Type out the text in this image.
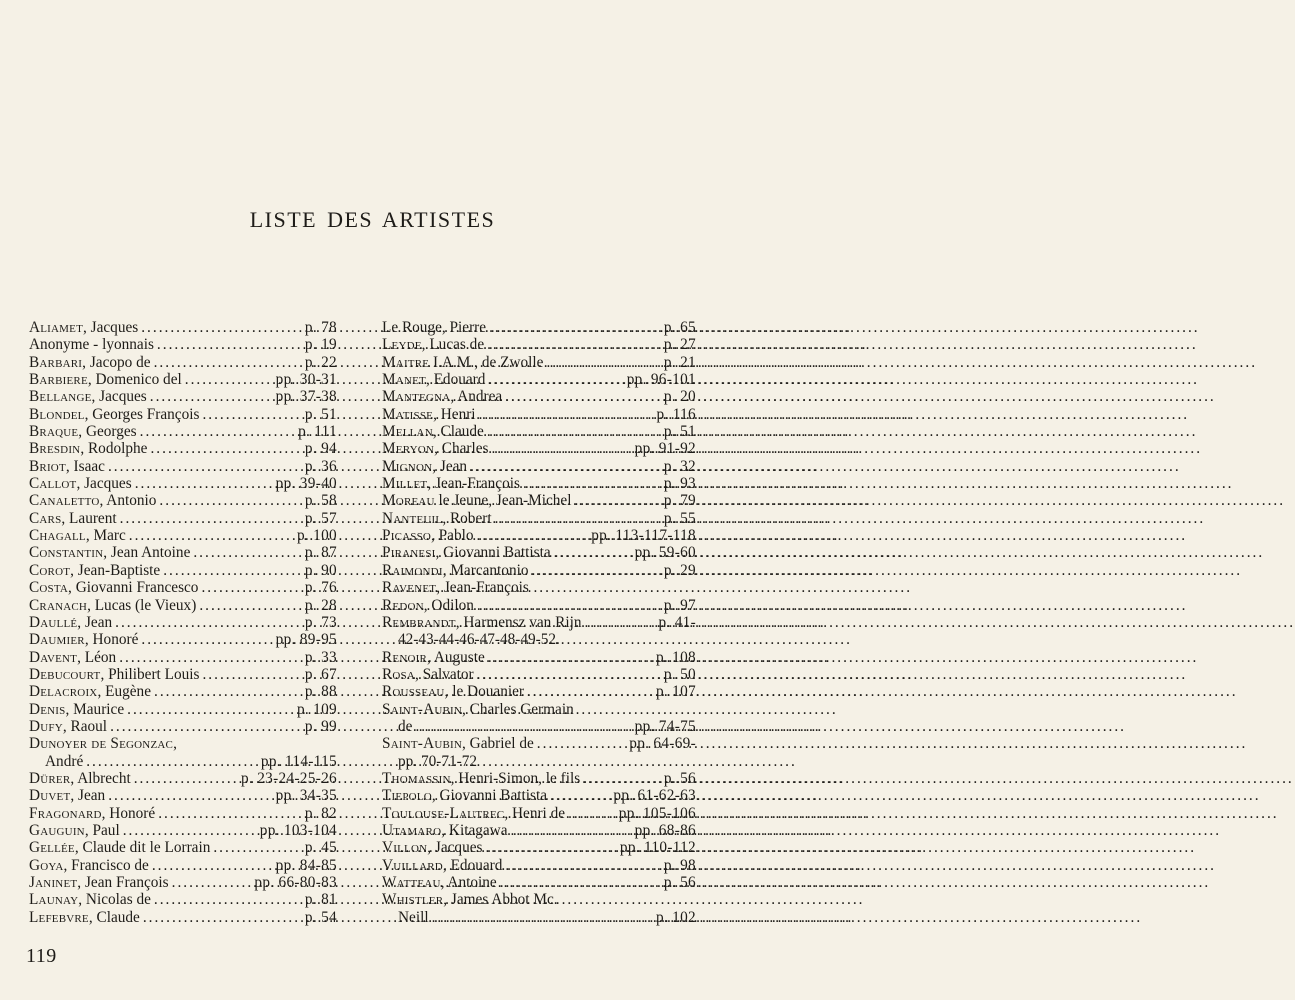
LISTE DES ARTISTES
Aliamet, Jacques .....	p. 78
Anonyme - lyonnais .....	p. 19
Barbari, Jacopo de .....	p. 22
Barbiere, Domenico del .....	pp. 30-31
Bellange, Jacques .....	pp. 37-38
Blondel, Georges François .....	p. 51
Braque, Georges .....	p. 111
Bresdin, Rodolphe .....	p. 94
Briot, Isaac .....	p. 36
Callot, Jacques .....	pp. 39-40
Canaletto, Antonio .....	p. 58
Cars, Laurent .....	p. 57
Chagall, Marc .....	p. 100
Constantin, Jean Antoine .....	p. 87
Corot, Jean-Baptiste .....	p. 90
Costa, Giovanni Francesco .....	p. 76
Cranach, Lucas (le Vieux) .....	p. 28
Daullé, Jean .....	p. 73
Daumier, Honoré .....	pp. 89-95
Davent, Léon .....	p. 33
Debucourt, Philibert Louis .....	p. 67
Delacroix, Eugène .....	p. 88
Denis, Maurice .....	p. 109
Dufy, Raoul .....	p. 99
Dunoyer de Segonzac,
André .....	pp. 114-115
Dürer, Albrecht .....	p. 23-24-25-26
Duvet, Jean .....	pp. 34-35
Fragonard, Honoré .....	p. 82
Gauguin, Paul .....	pp. 103-104
Gellée, Claude dit le Lorrain .....	p. 45
Goya, Francisco de .....	pp. 84-85
Janinet, Jean François .....	pp. 66-80-83
Launay, Nicolas de .....	p. 81
Lefebvre, Claude .....	p. 54
Le Rouge, Pierre .....	p. 65
Leyde, Lucas de .....	p. 27
Maitre I.A.M., de Zwolle .....	p. 21
Manet, Edouard .....	pp. 96-101
Mantegna, Andrea .....	p. 20
Matisse, Henri .....	p. 116
Mellan, Claude .....	p. 51
Meryon, Charles .....	pp. 91-92
Mignon, Jean .....	p. 32
Millet, Jean-François .....	p. 93
Moreau le Jeune, Jean-Michel .....	p. 79
Nanteuil, Robert .....	p. 55
Picasso, Pablo .....	pp. 113-117-118
Piranesi, Giovanni Battista .....	pp. 59-60
Raimondi, Marcantonio .....	p. 29
Ravenet, Jean-François
Redon, Odilon .....	p. 97
Rembrandt, Harmensz van Rijn .....	p. 41-
42-43-44-46-47-48-49-52.
Renoir, Auguste .....	p. 108
Rosa, Salvator .....	p. 50
Rousseau, le Douanier .....	p. 107
Saint-Aubin, Charles Germain
de .....	pp. 74-75
Saint-Aubin, Gabriel de .....	pp. 64-69-
pp. 70-71-72
Thomassin, Henri-Simon, le fils .....	p. 56
Tiepolo, Giovanni Battista .....	pp. 61-62-63
Toulouse-Lautrec, Henri de .....	pp. 105-106
Utamaro, Kitagawa .....	pp. 68-86
Villon, Jacques .....	pp. 110-112
Vuillard, Edouard .....	p. 98
Watteau, Antoine .....	p. 56
Whistler, James Abbot Mc.
Neill .....	p. 102
119
